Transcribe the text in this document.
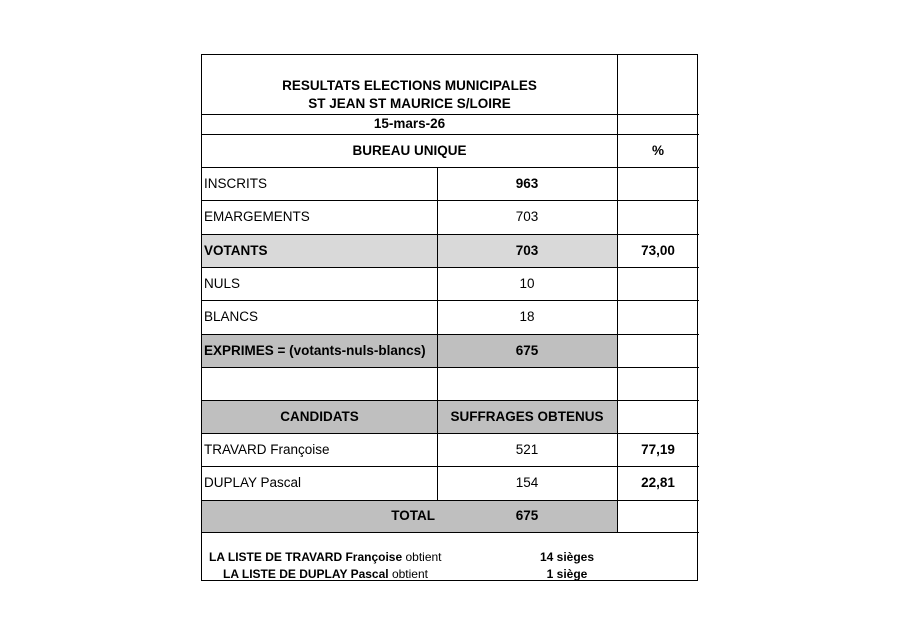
RESULTATS ELECTIONS MUNICIPALES
ST JEAN ST MAURICE S/LOIRE
15-mars-26
BUREAU UNIQUE	%
INSCRITS	963
EMARGEMENTS	703
VOTANTS	703	73,00
NULS	10
BLANCS	18
EXPRIMES = (votants-nuls-blancs)	675
CANDIDATS	SUFFRAGES OBTENUS
TRAVARD Françoise	521	77,19
DUPLAY Pascal	154	22,81
TOTAL	675
LA LISTE DE TRAVARD Françoise obtient	14 sièges
LA LISTE DE DUPLAY Pascal obtient	1 siège
